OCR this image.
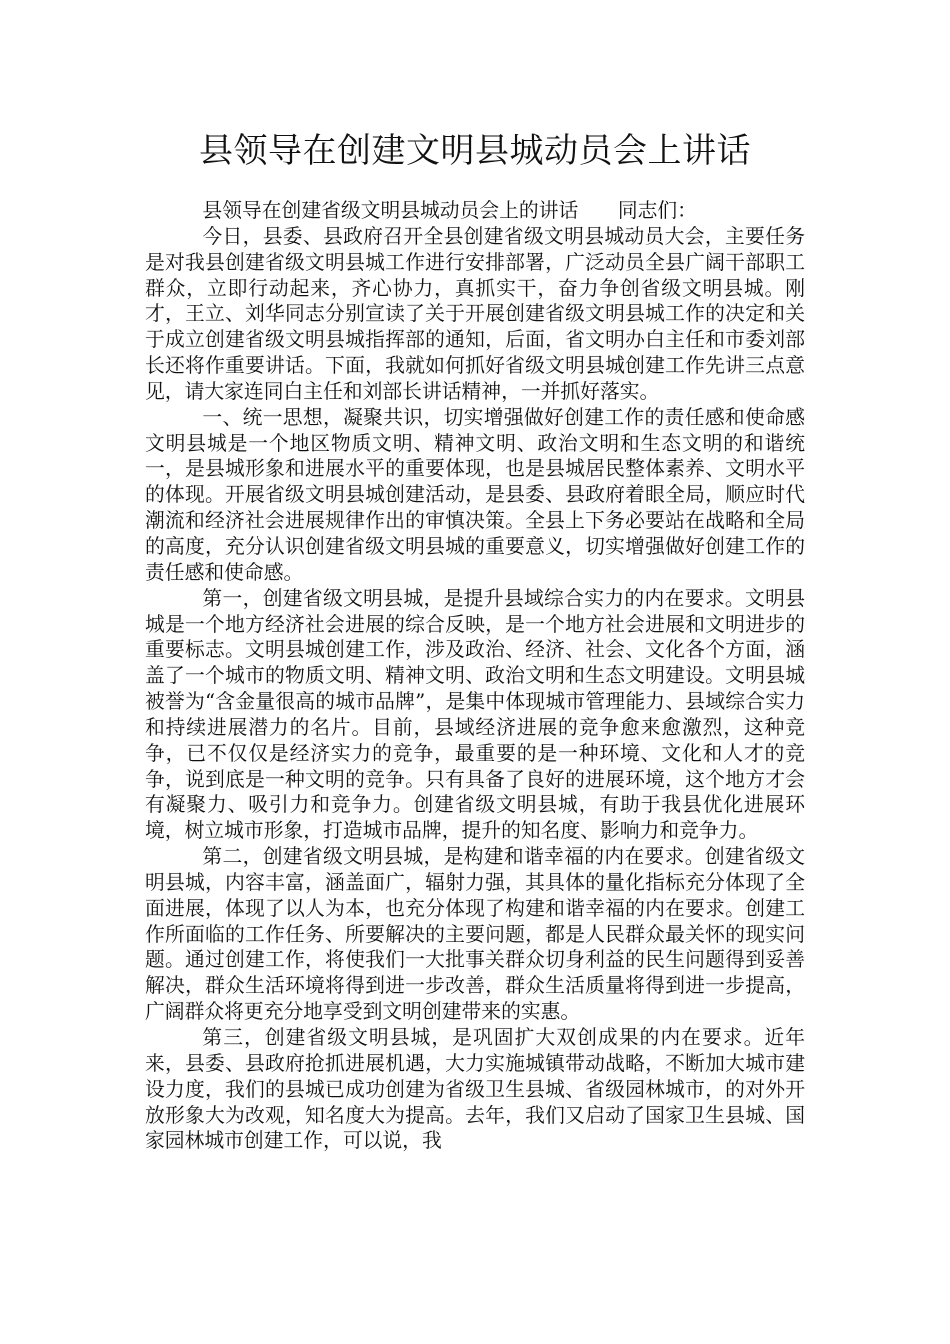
县领导在创建文明县城动员会上讲话

县领导在创建省级文明县城动员会上的讲话　　同志们：

今日，县委、县政府召开全县创建省级文明县城动员大会，主要任务是对我县创建省级文明县城工作进行安排部署，广泛动员全县广阔干部职工群众，立即行动起来，齐心协力，真抓实干，奋力争创省级文明县城。刚才，王立、刘华同志分别宣读了关于开展创建省级文明县城工作的决定和关于成立创建省级文明县城指挥部的通知，后面，省文明办白主任和市委刘部长还将作重要讲话。下面，我就如何抓好省级文明县城创建工作先讲三点意见，请大家连同白主任和刘部长讲话精神，一并抓好落实。

一、统一思想，凝聚共识，切实增强做好创建工作的责任感和使命感　文明县城是一个地区物质文明、精神文明、政治文明和生态文明的和谐统一，是县城形象和进展水平的重要体现，也是县城居民整体素养、文明水平的体现。开展省级文明县城创建活动，是县委、县政府着眼全局，顺应时代潮流和经济社会进展规律作出的审慎决策。全县上下务必要站在战略和全局的高度，充分认识创建省级文明县城的重要意义，切实增强做好创建工作的责任感和使命感。

第一，创建省级文明县城，是提升县域综合实力的内在要求。文明县城是一个地方经济社会进展的综合反映，是一个地方社会进展和文明进步的重要标志。文明县城创建工作，涉及政治、经济、社会、文化各个方面，涵盖了一个城市的物质文明、精神文明、政治文明和生态文明建设。文明县城被誉为“含金量很高的城市品牌”，是集中体现城市管理能力、县域综合实力和持续进展潜力的名片。目前，县域经济进展的竞争愈来愈激烈，这种竞争，已不仅仅是经济实力的竞争，最重要的是一种环境、文化和人才的竞争，说到底是一种文明的竞争。只有具备了良好的进展环境，这个地方才会有凝聚力、吸引力和竞争力。创建省级文明县城，有助于我县优化进展环境，树立城市形象，打造城市品牌，提升的知名度、影响力和竞争力。

第二，创建省级文明县城，是构建和谐幸福的内在要求。创建省级文明县城，内容丰富，涵盖面广，辐射力强，其具体的量化指标充分体现了全面进展，体现了以人为本，也充分体现了构建和谐幸福的内在要求。创建工作所面临的工作任务、所要解决的主要问题，都是人民群众最关怀的现实问题。通过创建工作，将使我们一大批事关群众切身利益的民生问题得到妥善解决，群众生活环境将得到进一步改善，群众生活质量将得到进一步提高，广阔群众将更充分地享受到文明创建带来的实惠。

第三，创建省级文明县城，是巩固扩大双创成果的内在要求。近年来，县委、县政府抢抓进展机遇，大力实施城镇带动战略，不断加大城市建设力度，我们的县城已成功创建为省级卫生县城、省级园林城市，的对外开放形象大为改观，知名度大为提高。去年，我们又启动了国家卫生县城、国家园林城市创建工作，可以说，我
